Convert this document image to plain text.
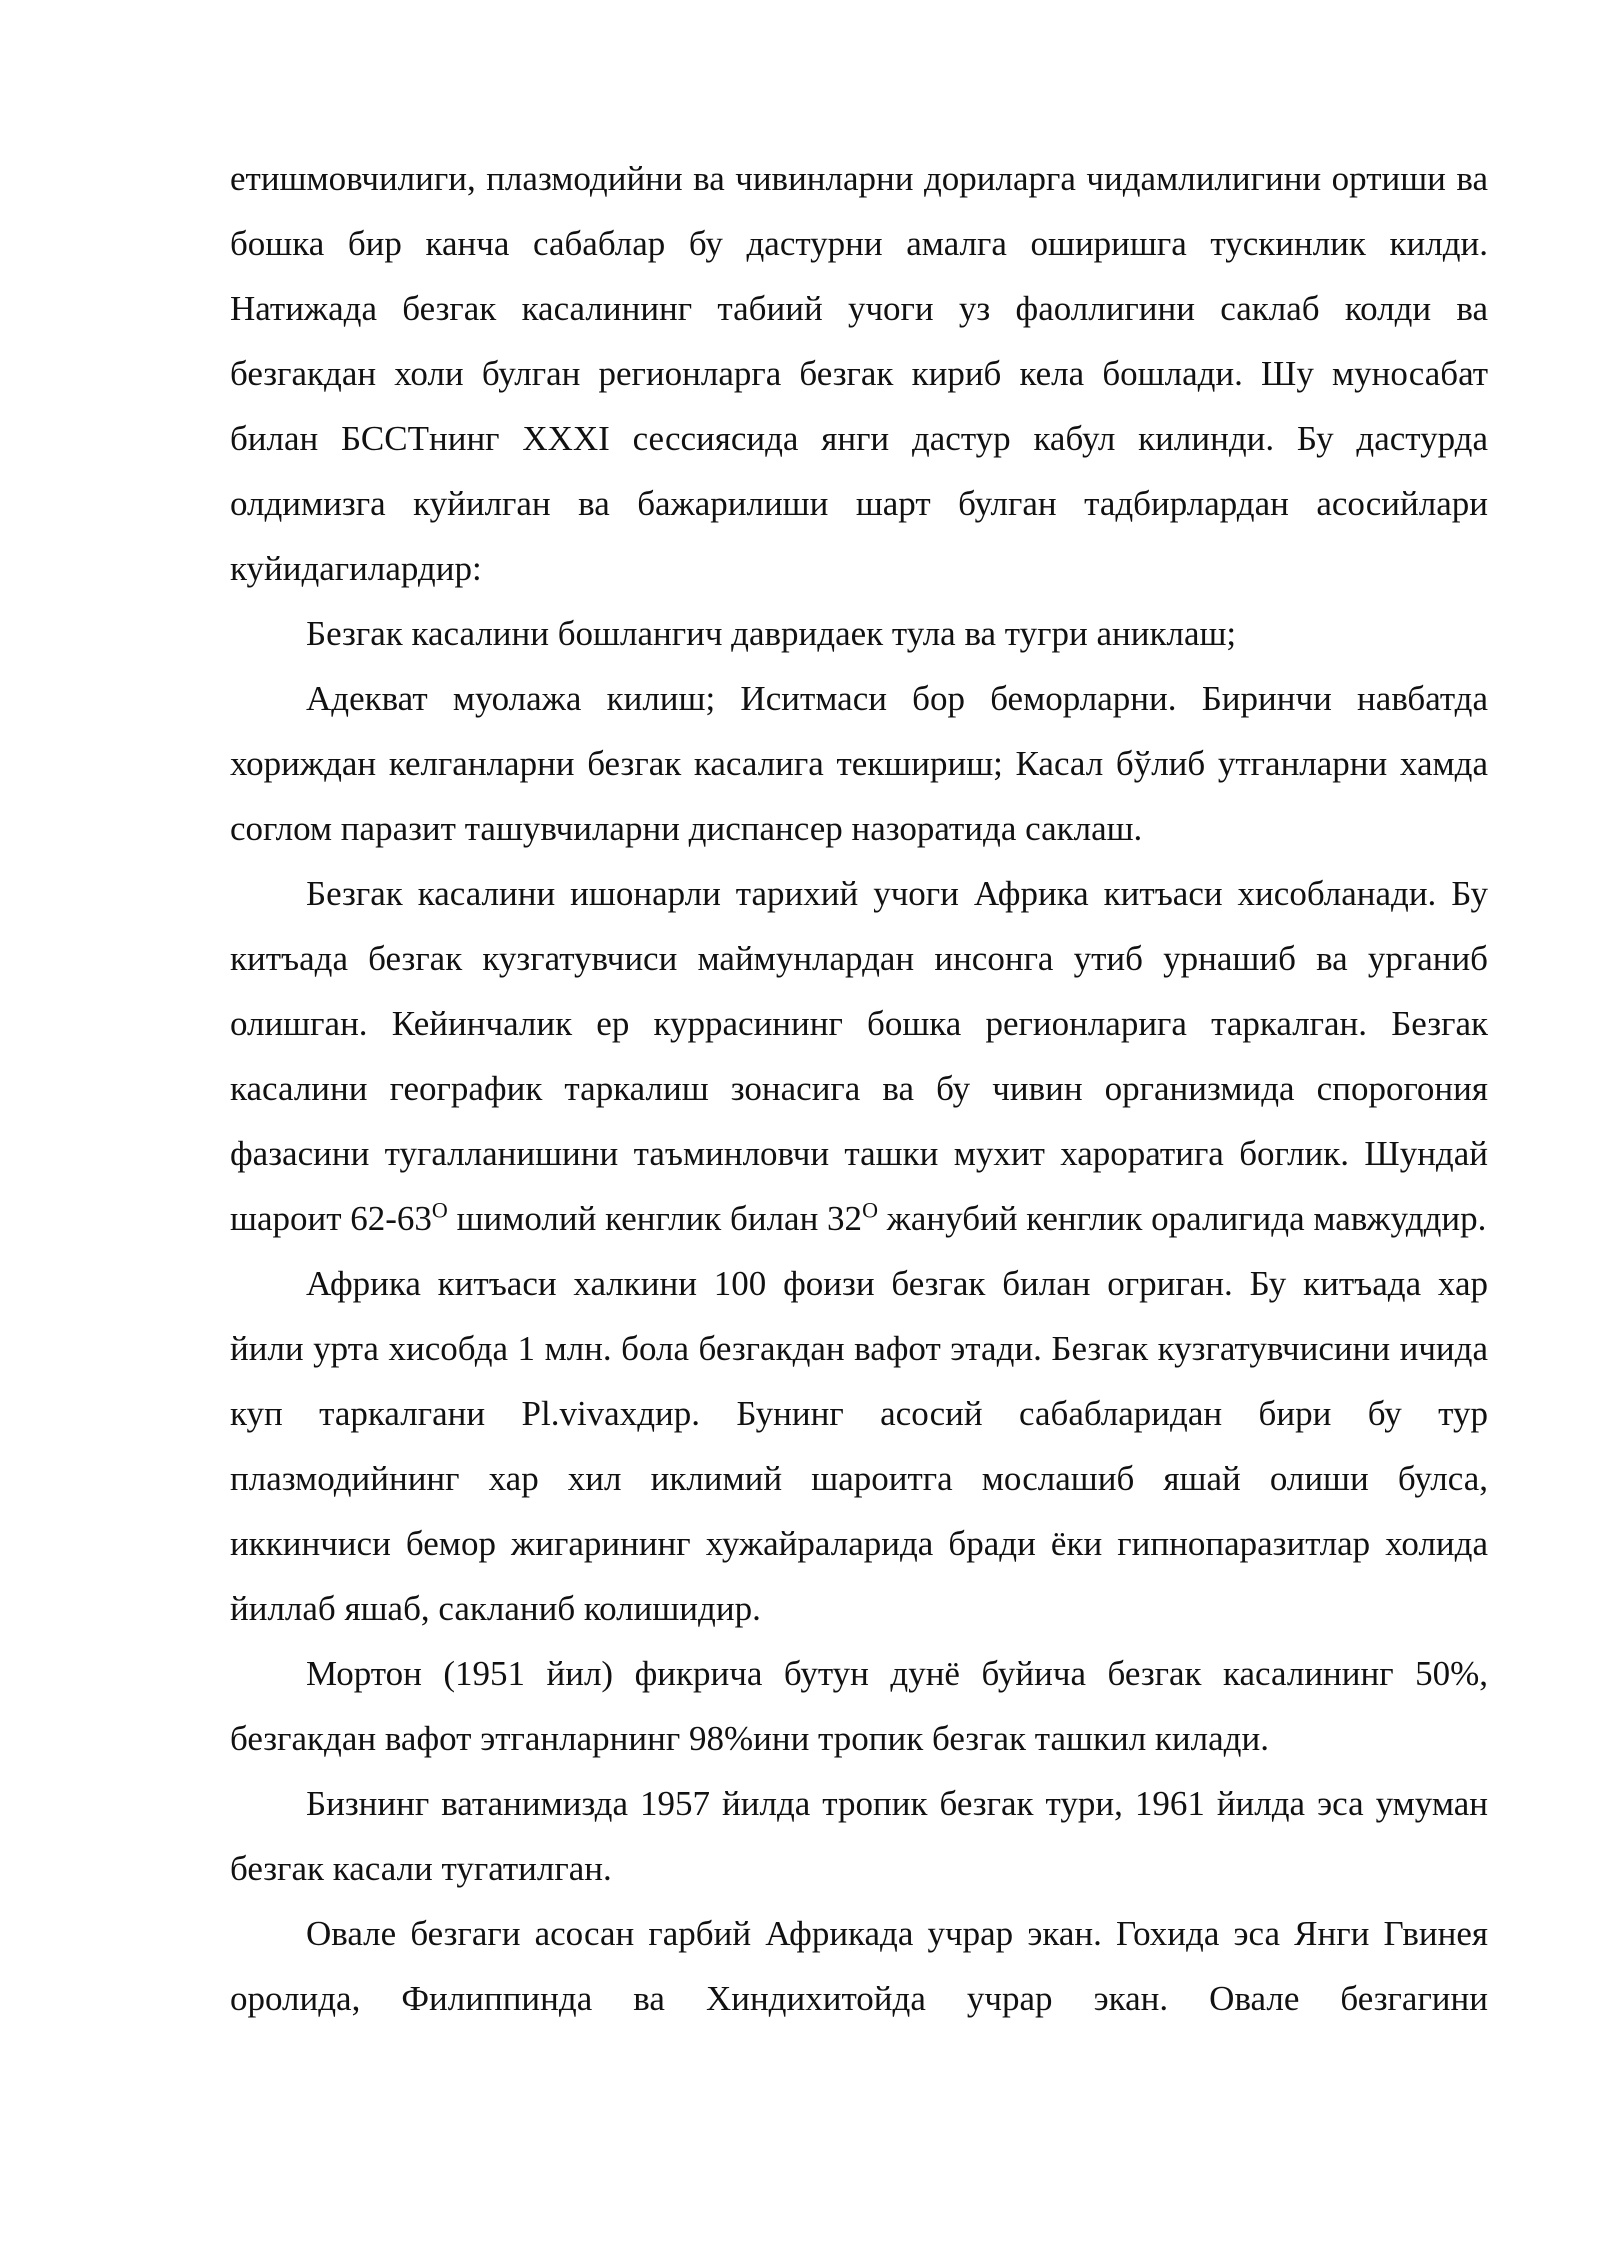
етишмовчилиги, плазмодийни ва чивинларни дориларга чидамлилигини ортиши ва бошка бир канча сабаблар бу дастурни амалга оширишга тускинлик килди. Натижада безгак касалининг табиий учоги уз фаоллигини саклаб колди ва безгакдан холи булган регионларга безгак кириб кела бошлади. Шу муносабат билан БССТнинг XXXI сессиясида янги дастур кабул килинди. Бу дастурда олдимизга куйилган ва бажарилиши шарт булган тадбирлардан асосийлари куйидагилардир:

Безгак касалини бошлангич давридаек тула ва тугри аниклаш;

Адекват муолажа килиш; Иситмаси бор беморларни. Биринчи навбатда хориждан келганларни безгак касалига текшириш; Касал бўлиб утганларни хамда соглом паразит ташувчиларни диспансер назоратида саклаш.

Безгак касалини ишонарли тарихий учоги Африка китъаси хисобланади. Бу китъада безгак кузгатувчиси маймунлардан инсонга утиб урнашиб ва урганиб олишган. Кейинчалик ер куррасининг бошка регионларига таркалган. Безгак касалини географик таркалиш зонасига ва бу чивин организмида спорогония фазасини тугалланишини таъминловчи ташки мухит хароратига боглик. Шундай шароит $62-63^О$ шимолий кенглик билан $32^О$ жанубий кенглик оралигида мавжуддир.

Африка китъаси халкини 100 фоизи безгак билан огриган. Бу китъада хар йили урта хисобда 1 млн. бола безгакдан вафот этади. Безгак кузгатувчисини ичида куп таркалгани Pl.vivaхдир. Бунинг асосий сабабларидан бири бу тур плазмодийнинг хар хил иклимий шароитга мослашиб яшай олиши булса, иккинчиси бемор жигарининг хужайраларида бради ёки гипнопаразитлар холида йиллаб яшаб, сакланиб колишидир.

Мортон (1951 йил) фикрича бутун дунё буйича безгак касалининг 50%, безгакдан вафот этганларнинг 98%ини тропик безгак ташкил килади.

Бизнинг ватанимизда 1957 йилда тропик безгак тури, 1961 йилда эса умуман безгак касали тугатилган.

Овале безгаги асосан гарбий Африкада учрар экан. Гохида эса Янги Гвинея оролида, Филиппинда ва Хиндихитойда учрар экан. Овале безгагини
